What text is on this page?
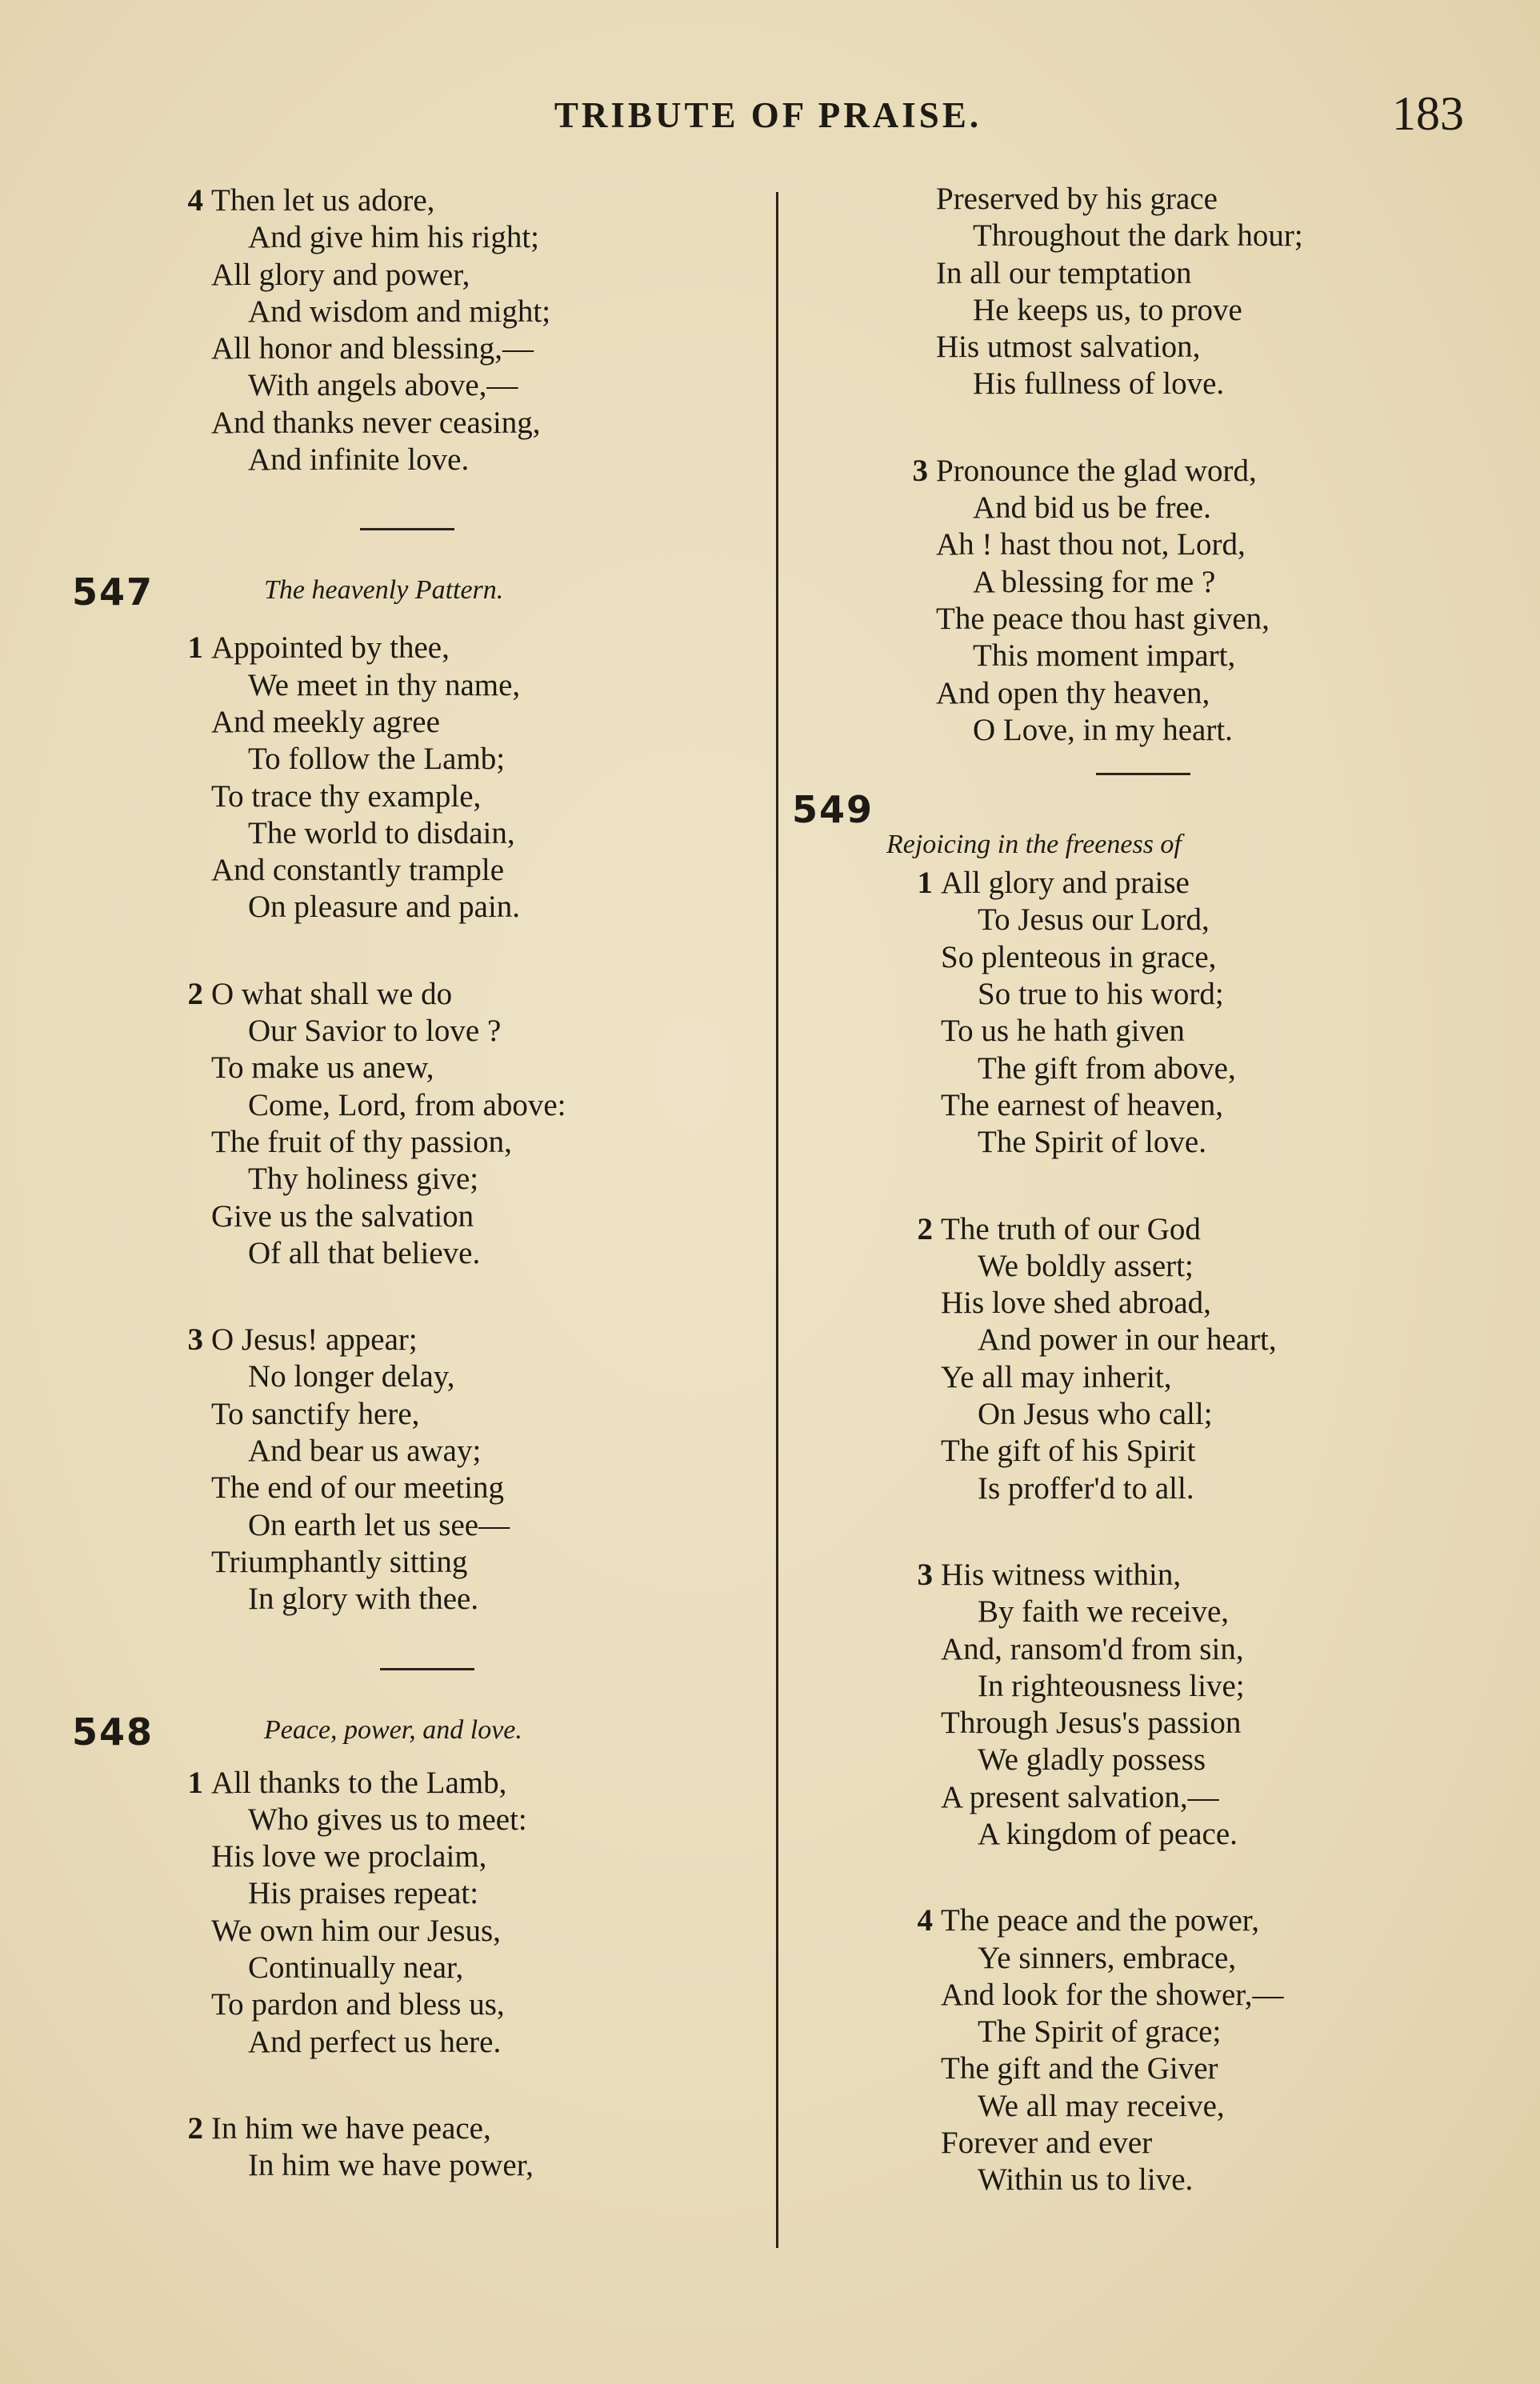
TRIBUTE OF PRAISE.	183
4 Then let us adore,
And give him his right;
All glory and power,
And wisdom and might;
All honor and blessing,—
With angels above,—
And thanks never ceasing,
And infinite love.
547	The heavenly Pattern.
1 Appointed by thee,
We meet in thy name,
And meekly agree
To follow the Lamb;
To trace thy example,
The world to disdain,
And constantly trample
On pleasure and pain.
2 O what shall we do
Our Savior to love ?
To make us anew,
Come, Lord, from above:
The fruit of thy passion,
Thy holiness give;
Give us the salvation
Of all that believe.
3 O Jesus! appear;
No longer delay,
To sanctify here,
And bear us away;
The end of our meeting
On earth let us see—
Triumphantly sitting
In glory with thee.
548	Peace, power, and love.
1 All thanks to the Lamb,
Who gives us to meet:
His love we proclaim,
His praises repeat:
We own him our Jesus,
Continually near,
To pardon and bless us,
And perfect us here.
2 In him we have peace,
In him we have power,
Preserved by his grace
Throughout the dark hour;
In all our temptation
He keeps us, to prove
His utmost salvation,
His fullness of love.
3 Pronounce the glad word,
And bid us be free.
Ah ! hast thou not, Lord,
A blessing for me ?
The peace thou hast given,
This moment impart,
And open thy heaven,
O Love, in my heart.
549
Rejoicing in the freeness of
1 All glory and praise
To Jesus our Lord,
So plenteous in grace,
So true to his word;
To us he hath given
The gift from above,
The earnest of heaven,
The Spirit of love.
2 The truth of our God
We boldly assert;
His love shed abroad,
And power in our heart,
Ye all may inherit,
On Jesus who call;
The gift of his Spirit
Is proffer'd to all.
3 His witness within,
By faith we receive,
And, ransom'd from sin,
In righteousness live;
Through Jesus's passion
We gladly possess
A present salvation,—
A kingdom of peace.
4 The peace and the power,
Ye sinners, embrace,
And look for the shower,—
The Spirit of grace;
The gift and the Giver
We all may receive,
Forever and ever
Within us to live.
